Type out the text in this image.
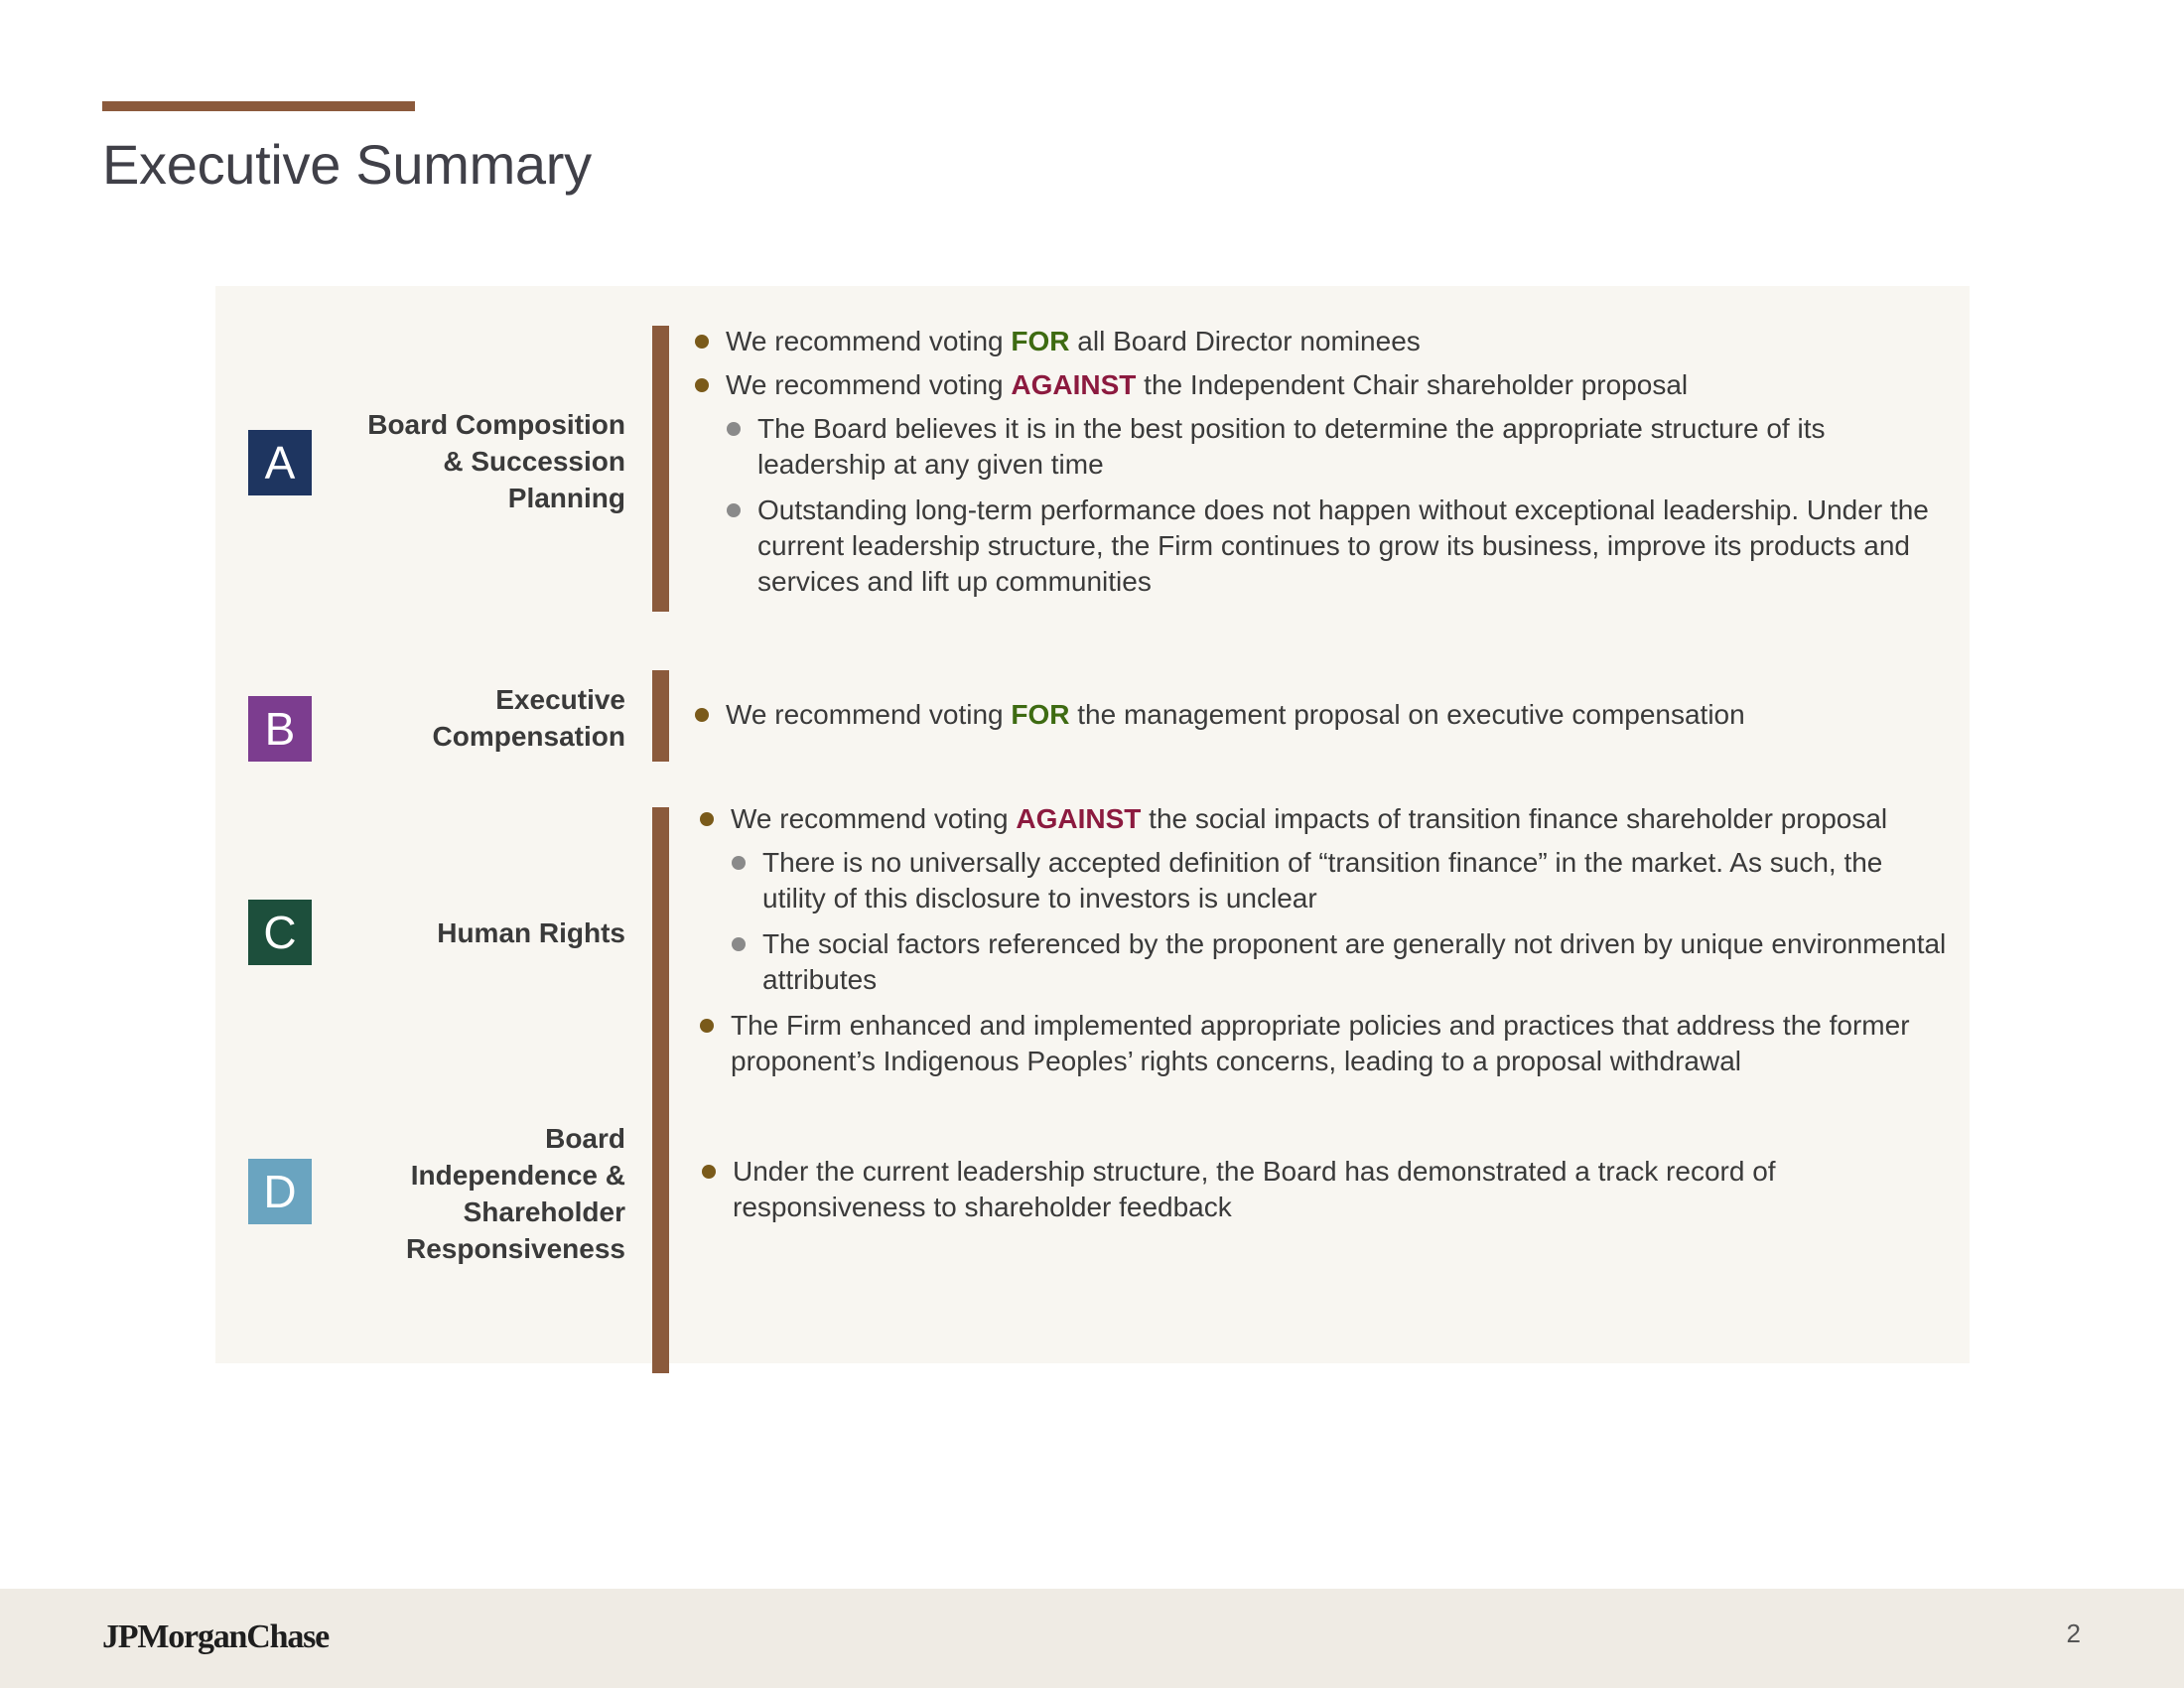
Executive Summary
A
Board Composition
& Succession
Planning
We recommend voting FOR all Board Director nominees
We recommend voting AGAINST the Independent Chair shareholder proposal
The Board believes it is in the best position to determine the appropriate structure of its leadership at any given time
Outstanding long-term performance does not happen without exceptional leadership. Under the current leadership structure, the Firm continues to grow its business, improve its products and services and lift up communities
B
Executive
Compensation
We recommend voting FOR the management proposal on executive compensation
C	Human Rights
We recommend voting AGAINST the social impacts of transition finance shareholder proposal
There is no universally accepted definition of “transition finance” in the market. As such, the utility of this disclosure to investors is unclear
The social factors referenced by the proponent are generally not driven by unique environmental attributes
The Firm enhanced and implemented appropriate policies and practices that address the former proponent’s Indigenous Peoples’ rights concerns, leading to a proposal withdrawal
D
Board
Independence &
Shareholder
Responsiveness
Under the current leadership structure, the Board has demonstrated a track record of responsiveness to shareholder feedback
JPMorganChase	2
